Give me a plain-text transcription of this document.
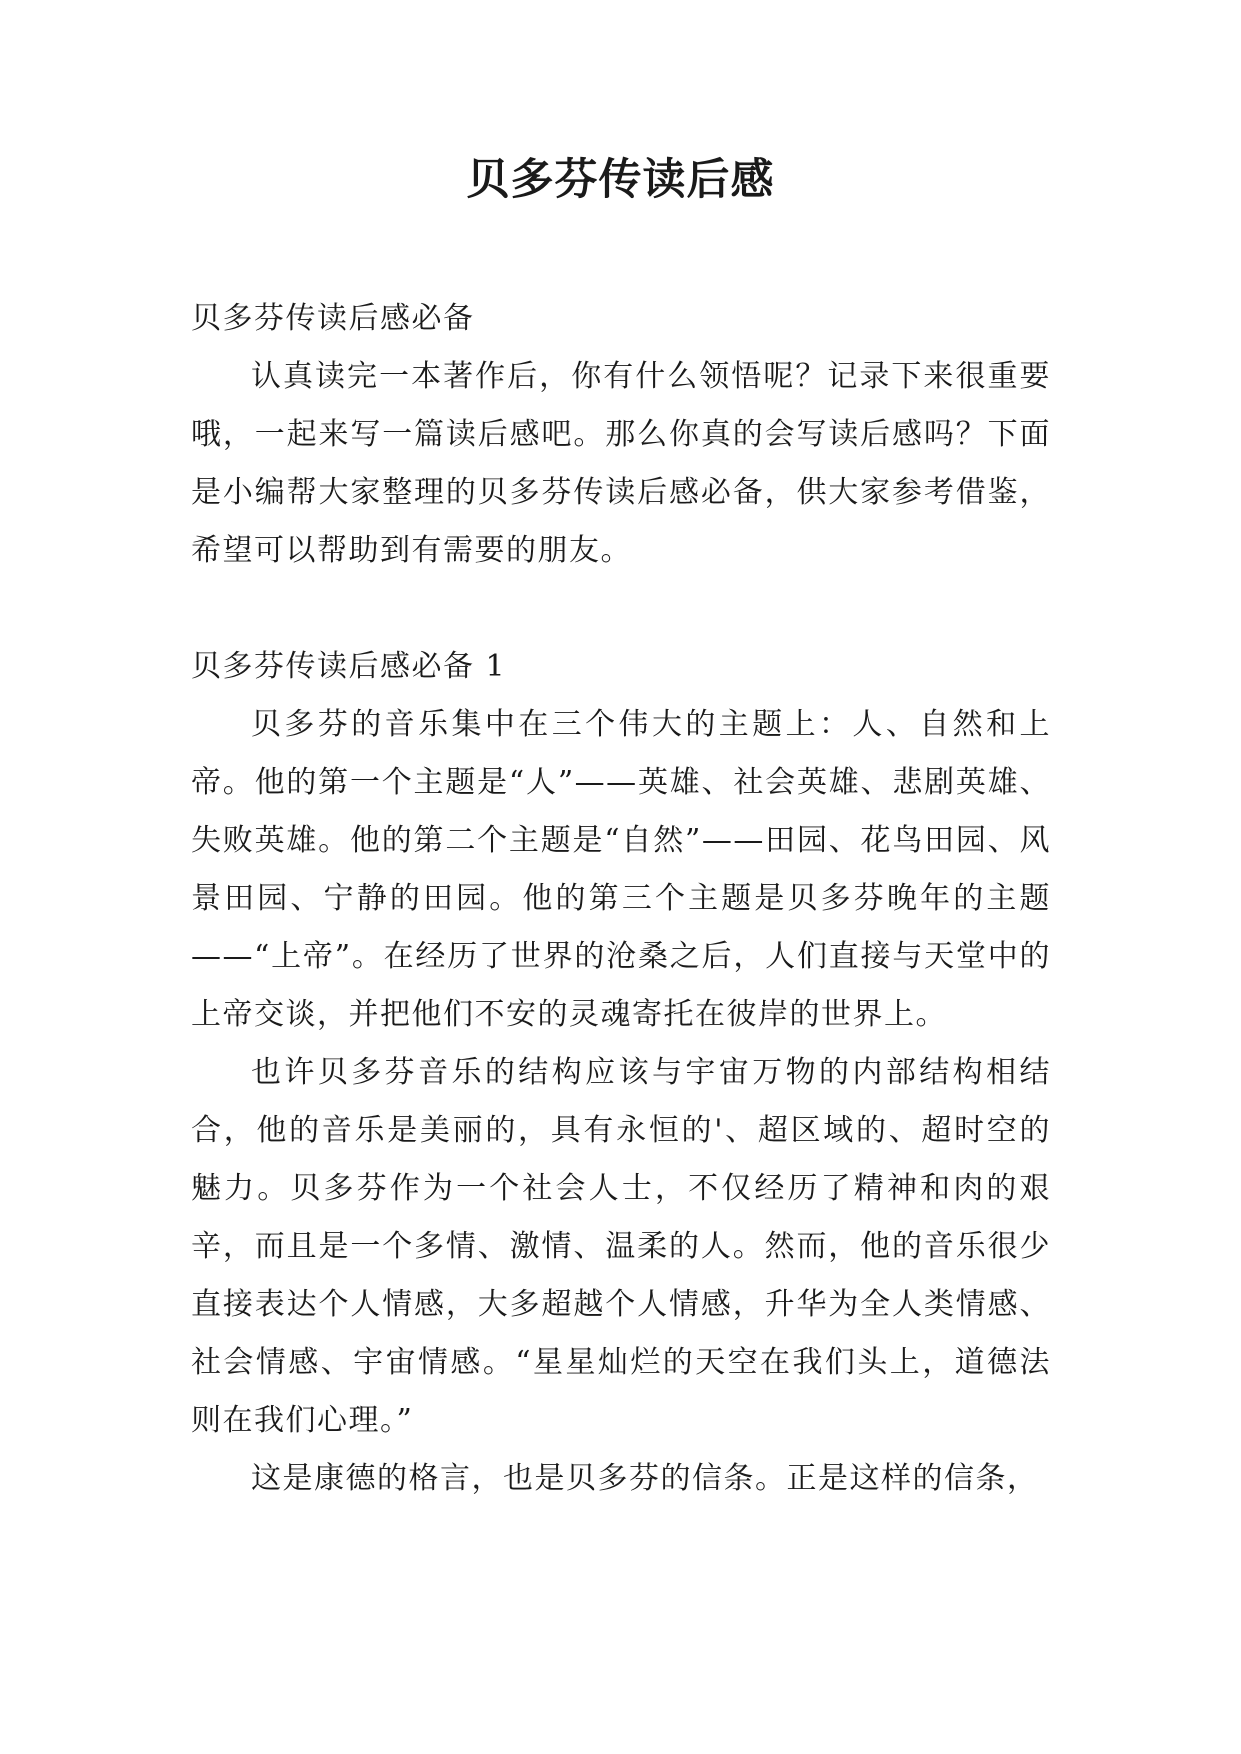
贝多芬传读后感

贝多芬传读后感必备

认真读完一本著作后，你有什么领悟呢？记录下来很重要哦，一起来写一篇读后感吧。那么你真的会写读后感吗？下面是小编帮大家整理的贝多芬传读后感必备，供大家参考借鉴，希望可以帮助到有需要的朋友。

贝多芬传读后感必备 1

贝多芬的音乐集中在三个伟大的主题上：人、自然和上帝。他的第一个主题是“人”——英雄、社会英雄、悲剧英雄、失败英雄。他的第二个主题是“自然”——田园、花鸟田园、风景田园、宁静的田园。他的第三个主题是贝多芬晚年的主题——“上帝”。在经历了世界的沧桑之后，人们直接与天堂中的上帝交谈，并把他们不安的灵魂寄托在彼岸的世界上。

也许贝多芬音乐的结构应该与宇宙万物的内部结构相结合，他的音乐是美丽的，具有永恒的'、超区域的、超时空的魅力。贝多芬作为一个社会人士，不仅经历了精神和肉的艰辛，而且是一个多情、激情、温柔的人。然而，他的音乐很少直接表达个人情感，大多超越个人情感，升华为全人类情感、社会情感、宇宙情感。“星星灿烂的天空在我们头上，道德法则在我们心理。”

这是康德的格言，也是贝多芬的信条。正是这样的信条，
